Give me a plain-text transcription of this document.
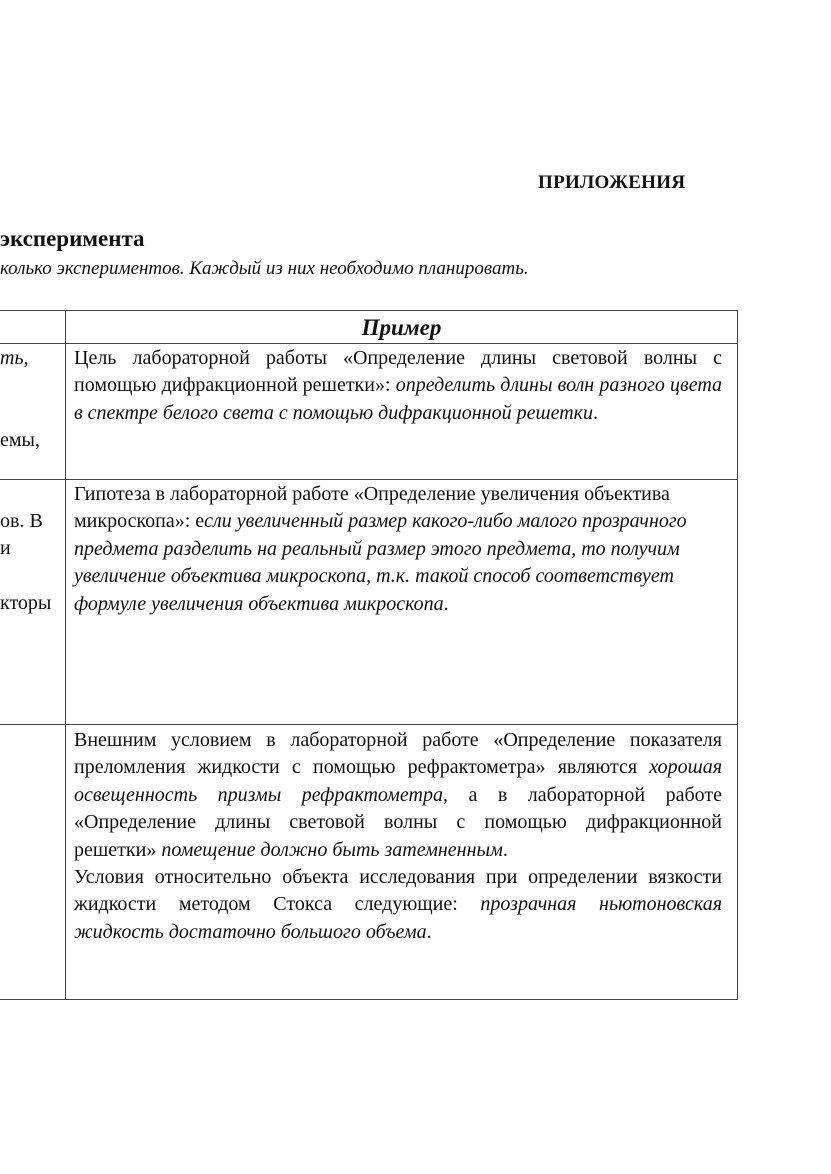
ПРИЛОЖЕНИЯ
эксперимента
колько экспериментов. Каждый из них необходимо планировать.
Пример
ть,
емы,
ов. В
и
кторы
Цель лабораторной работы «Определение длины световой волны с помощью дифракционной решетки»: определить длины волн разного цвета в спектре белого света с помощью дифракционной решетки.
Гипотеза в лабораторной работе «Определение увеличения объектива микроскопа»: если увеличенный размер какого-либо малого прозрачного предмета разделить на реальный размер этого предмета, то получим увеличение объектива микроскопа, т.к. такой способ соответствует формуле увеличения объектива микроскопа.
Внешним условием в лабораторной работе «Определение показателя преломления жидкости с помощью рефрактометра» являются хорошая освещенность призмы рефрактометра, а в лабораторной работе «Определение длины световой волны с помощью дифракционной решетки» помещение должно быть затемненным.
Условия относительно объекта исследования при определении вязкости жидкости методом Стокса следующие: прозрачная ньютоновская жидкость достаточно большого объема.
